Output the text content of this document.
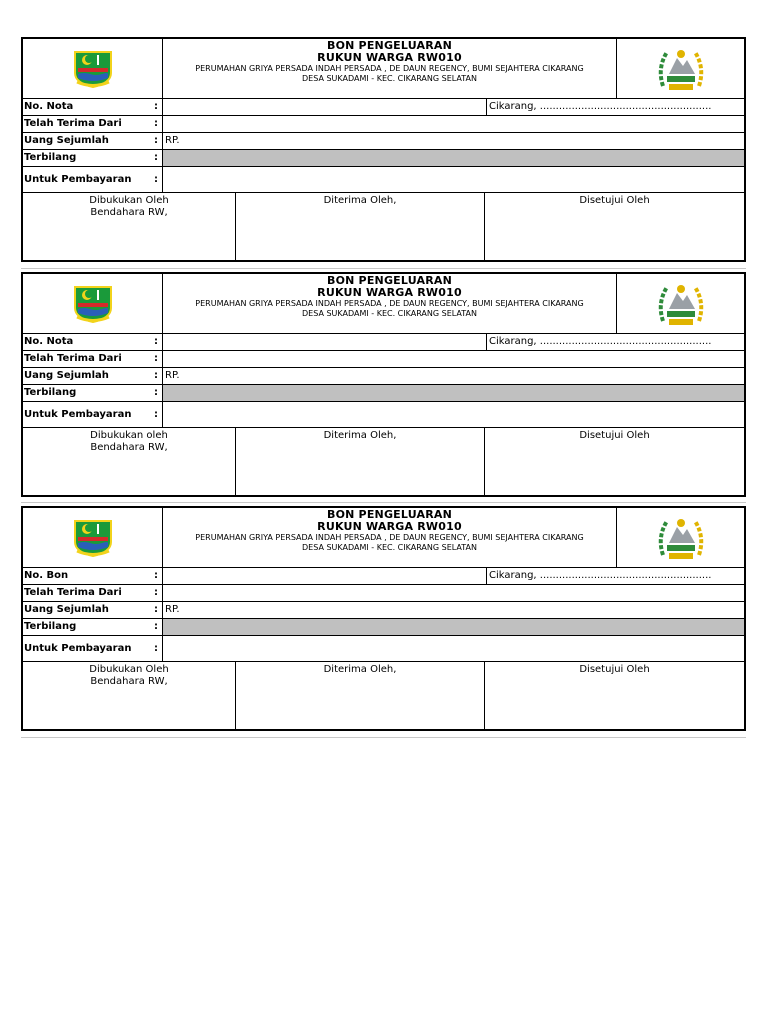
BON PENGELUARAN
RUKUN WARGA RW010
PERUMAHAN GRIYA PERSADA INDAH PERSADA , DE DAUN REGENCY, BUMI SEJAHTERA CIKARANG
DESA SUKADAMI - KEC. CIKARANG SELATAN
No. Nota	:	Cikarang, ......................................................
Telah Terima Dari	:
Uang Sejumlah	: RP.
Terbilang	:
Untuk Pembayaran	:
Dibukukan Oleh
Bendahara RW,
Diterima Oleh,	Disetujui Oleh
BON PENGELUARAN
RUKUN WARGA RW010
PERUMAHAN GRIYA PERSADA INDAH PERSADA , DE DAUN REGENCY, BUMI SEJAHTERA CIKARANG
DESA SUKADAMI - KEC. CIKARANG SELATAN
No. Nota	:	Cikarang, ......................................................
Telah Terima Dari	:
Uang Sejumlah	: RP.
Terbilang	:
Untuk Pembayaran	:
Dibukukan oleh
Bendahara RW,
Diterima Oleh,	Disetujui Oleh
BON PENGELUARAN
RUKUN WARGA RW010
PERUMAHAN GRIYA PERSADA INDAH PERSADA , DE DAUN REGENCY, BUMI SEJAHTERA CIKARANG
DESA SUKADAMI - KEC. CIKARANG SELATAN
No. Bon	:	Cikarang, ......................................................
Telah Terima Dari	:
Uang Sejumlah	: RP.
Terbilang	:
Untuk Pembayaran	:
Dibukukan Oleh
Bendahara RW,
Diterima Oleh,	Disetujui Oleh
